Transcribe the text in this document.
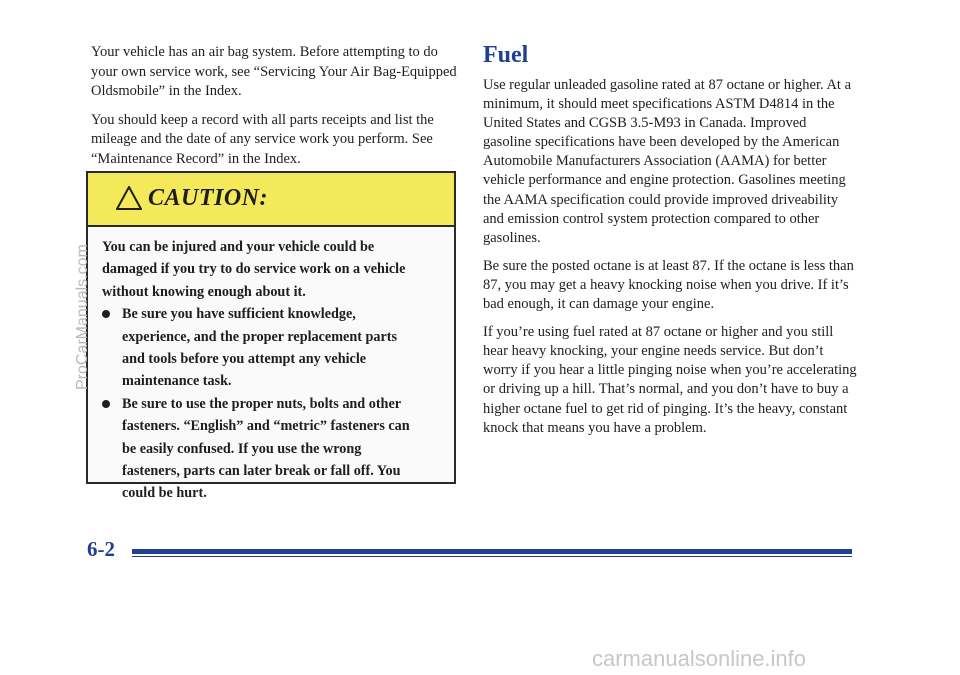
Your vehicle has an air bag system. Before attempting to do your own service work, see “Servicing Your Air Bag-Equipped Oldsmobile” in the Index.

You should keep a record with all parts receipts and list the mileage and the date of any service work you perform. See “Maintenance Record” in the Index.

CAUTION:

You can be injured and your vehicle could be damaged if you try to do service work on a vehicle without knowing enough about it.

Be sure you have sufficient knowledge, experience, and the proper replacement parts and tools before you attempt any vehicle maintenance task.
Be sure to use the proper nuts, bolts and other fasteners. “English” and “metric” fasteners can be easily confused. If you use the wrong fasteners, parts can later break or fall off. You could be hurt.
Fuel

Use regular unleaded gasoline rated at 87 octane or higher. At a minimum, it should meet specifications ASTM D4814 in the United States and CGSB 3.5-M93 in Canada. Improved gasoline specifications have been developed by the American Automobile Manufacturers Association (AAMA) for better vehicle performance and engine protection. Gasolines meeting the AAMA specification could provide improved driveability and emission control system protection compared to other gasolines.

Be sure the posted octane is at least 87. If the octane is less than 87, you may get a heavy knocking noise when you drive. If it’s bad enough, it can damage your engine.

If you’re using fuel rated at 87 octane or higher and you still hear heavy knocking, your engine needs service. But don’t worry if you hear a little pinging noise when you’re accelerating or driving up a hill. That’s normal, and you don’t have to buy a higher octane fuel to get rid of pinging. It’s the heavy, constant knock that means you have a problem.

6-2
ProCarManuals.com
carmanualsonline.info
